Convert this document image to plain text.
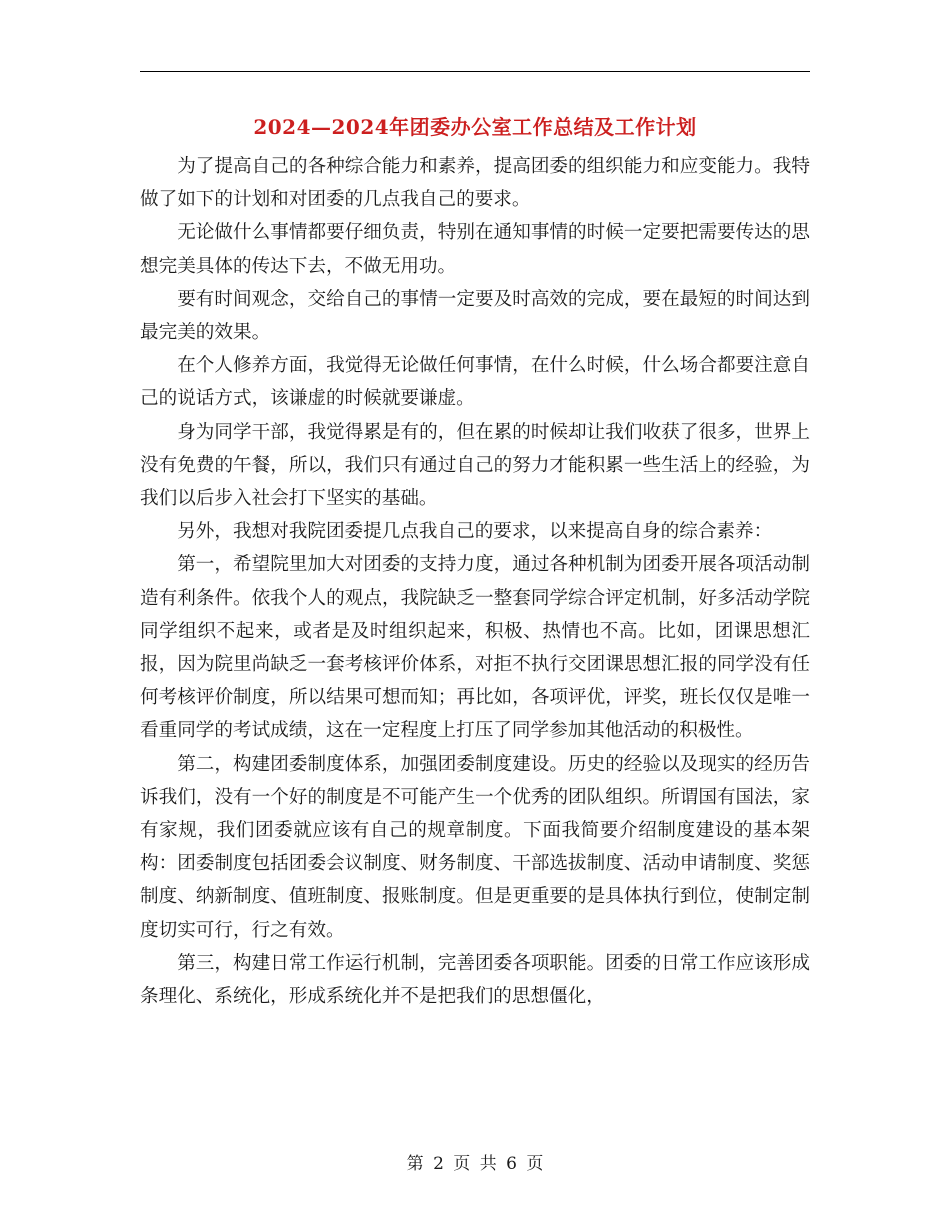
2024—2024年团委办公室工作总结及工作计划

为了提高自己的各种综合能力和素养，提高团委的组织能力和应变能力。我特做了如下的计划和对团委的几点我自己的要求。

无论做什么事情都要仔细负责，特别在通知事情的时候一定要把需要传达的思想完美具体的传达下去，不做无用功。

要有时间观念，交给自己的事情一定要及时高效的完成，要在最短的时间达到最完美的效果。

在个人修养方面，我觉得无论做任何事情，在什么时候，什么场合都要注意自己的说话方式，该谦虚的时候就要谦虚。

身为同学干部，我觉得累是有的，但在累的时候却让我们收获了很多，世界上没有免费的午餐，所以，我们只有通过自己的努力才能积累一些生活上的经验，为我们以后步入社会打下坚实的基础。

另外，我想对我院团委提几点我自己的要求，以来提高自身的综合素养：

第一，希望院里加大对团委的支持力度，通过各种机制为团委开展各项活动制造有利条件。依我个人的观点，我院缺乏一整套同学综合评定机制，好多活动学院同学组织不起来，或者是及时组织起来，积极、热情也不高。比如，团课思想汇报，因为院里尚缺乏一套考核评价体系，对拒不执行交团课思想汇报的同学没有任何考核评价制度，所以结果可想而知；再比如，各项评优，评奖，班长仅仅是唯一看重同学的考试成绩，这在一定程度上打压了同学参加其他活动的积极性。

第二，构建团委制度体系，加强团委制度建设。历史的经验以及现实的经历告诉我们，没有一个好的制度是不可能产生一个优秀的团队组织。所谓国有国法，家有家规，我们团委就应该有自己的规章制度。下面我简要介绍制度建设的基本架构：团委制度包括团委会议制度、财务制度、干部选拔制度、活动申请制度、奖惩制度、纳新制度、值班制度、报账制度。但是更重要的是具体执行到位，使制定制度切实可行，行之有效。

第三，构建日常工作运行机制，完善团委各项职能。团委的日常工作应该形成条理化、系统化，形成系统化并不是把我们的思想僵化，

第 2 页 共 6 页
